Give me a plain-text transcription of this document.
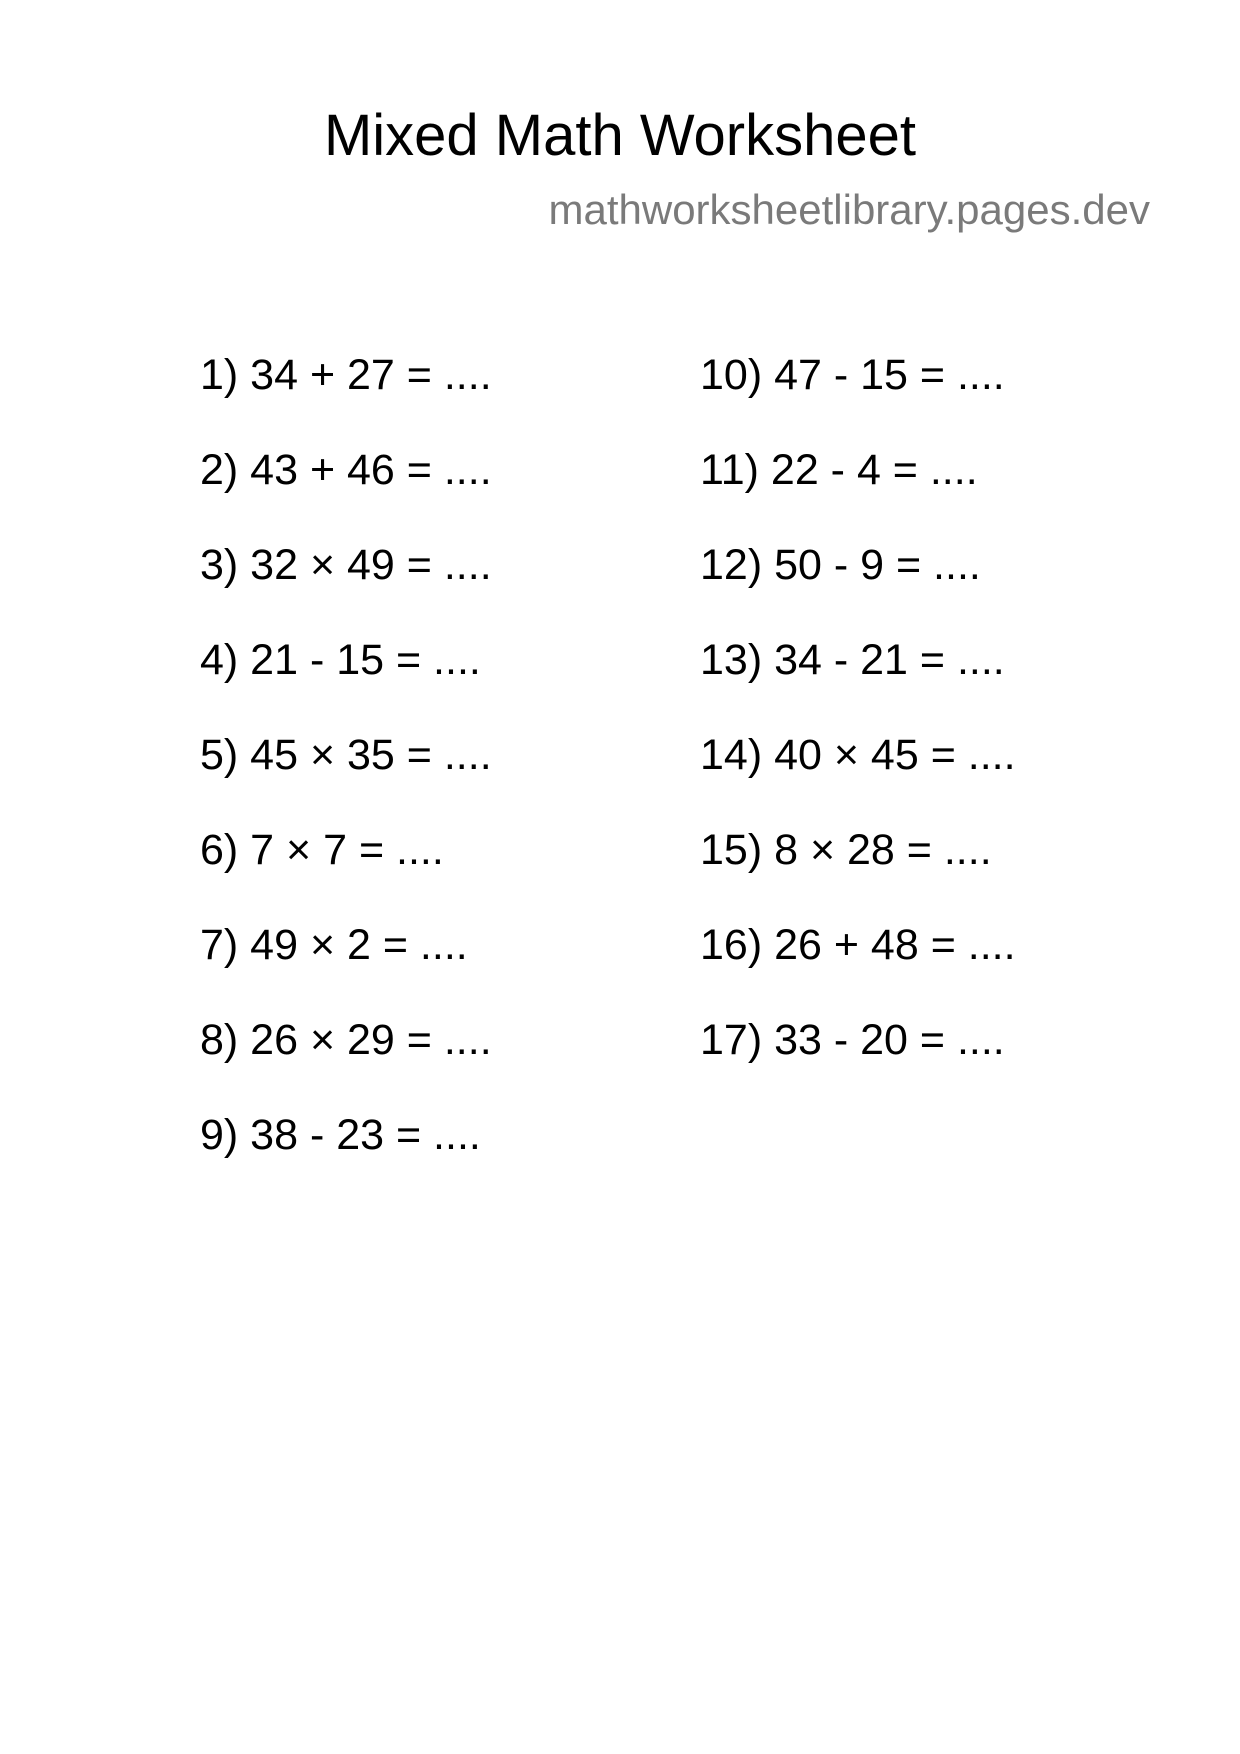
Mixed Math Worksheet
mathworksheetlibrary.pages.dev
1) 34 + 27 = ....
2) 43 + 46 = ....
3) 32 × 49 = ....
4) 21 - 15 = ....
5) 45 × 35 = ....
6) 7 × 7 = ....
7) 49 × 2 = ....
8) 26 × 29 = ....
9) 38 - 23 = ....
10) 47 - 15 = ....
11) 22 - 4 = ....
12) 50 - 9 = ....
13) 34 - 21 = ....
14) 40 × 45 = ....
15) 8 × 28 = ....
16) 26 + 48 = ....
17) 33 - 20 = ....
